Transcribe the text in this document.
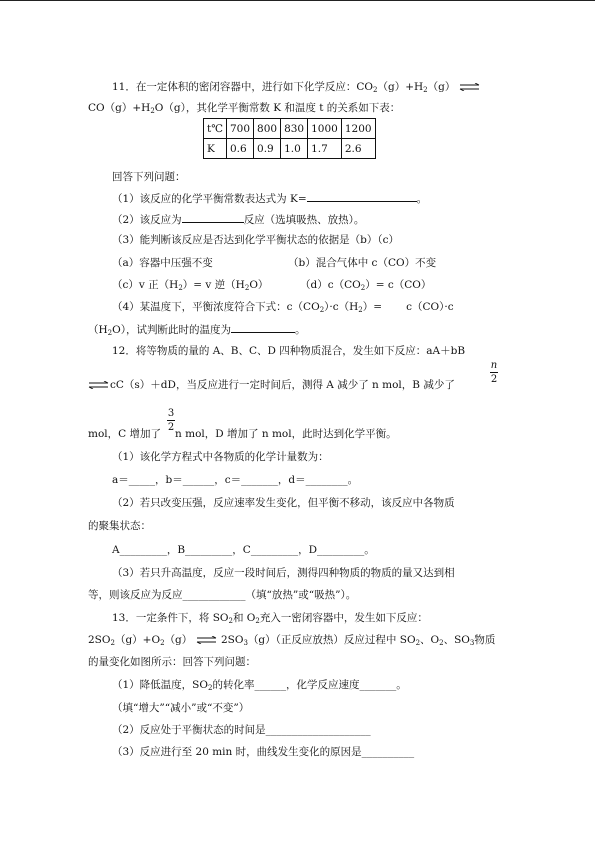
11．在一定体积的密闭容器中，进行如下化学反应：$CO_2(g)+H_2(g)$ ⇌
$CO(g)+H_2O(g)$，其化学平衡常数 K 和温度 t 的关系如下表：
t℃	700	800	830	1000	1200
K	0.6	0.9	1.0	1.7	2.6
回答下列问题：
（1）该反应的化学平衡常数表达式为 K=	。
（2）该反应为	反应（选填吸热、放热）。
（3）能判断该反应是否达到化学平衡状态的依据是（b）（c）
（a）容器中压强不变	（b）混合气体中 c（CO）不变
（c）v 正$(H_2)= v$ 逆$(H_2O)$	$(d)c(CO_2)= c(CO)$
（4）某温度下，平衡浓度符合下式：$c(CO_2)\cdot c(H_2)= c(CO)\cdot c$
$(H_2O)$，试判断此时的温度为	。
12．将等物质的量的 A、B、C、D 四种物质混合，发生如下反应：aA＋bB
n
2
⇌cC（s）＋dD，当反应进行一定时间后，测得 A 减少了 n mol，B 减少了
3
2
mol，C 增加了 n mol，D 增加了 n mol，此时达到化学平衡。
（1）该化学方程式中各物质的化学计量数为：
a＝_____，b＝______，c＝_______，d＝________。
（2）若只改变压强，反应速率发生变化，但平衡不移动，该反应中各物质
的聚集状态：
A_________，B_________，C_________，D_________。
（3）若只升高温度，反应一段时间后，测得四种物质的物质的量又达到相
等，则该反应为反应____________（填“放热”或“吸热”）。
13．一定条件下，将 $SO_2$和 $O_2$充入一密闭容器中，发生如下反应：
$2SO_2(g)+O_2(g)$ ⇌ $2SO_3(g)$（正反应放热）反应过程中 $SO_2$、$O_2$、$SO_3$物质
的量变化如图所示：回答下列问题：
（1）降低温度，$SO_2$的转化率______，化学反应速度_______。
（填“增大”“减小”或“不变”）
（2）反应处于平衡状态的时间是____________________
（3）反应进行至 20 min 时，曲线发生变化的原因是__________
